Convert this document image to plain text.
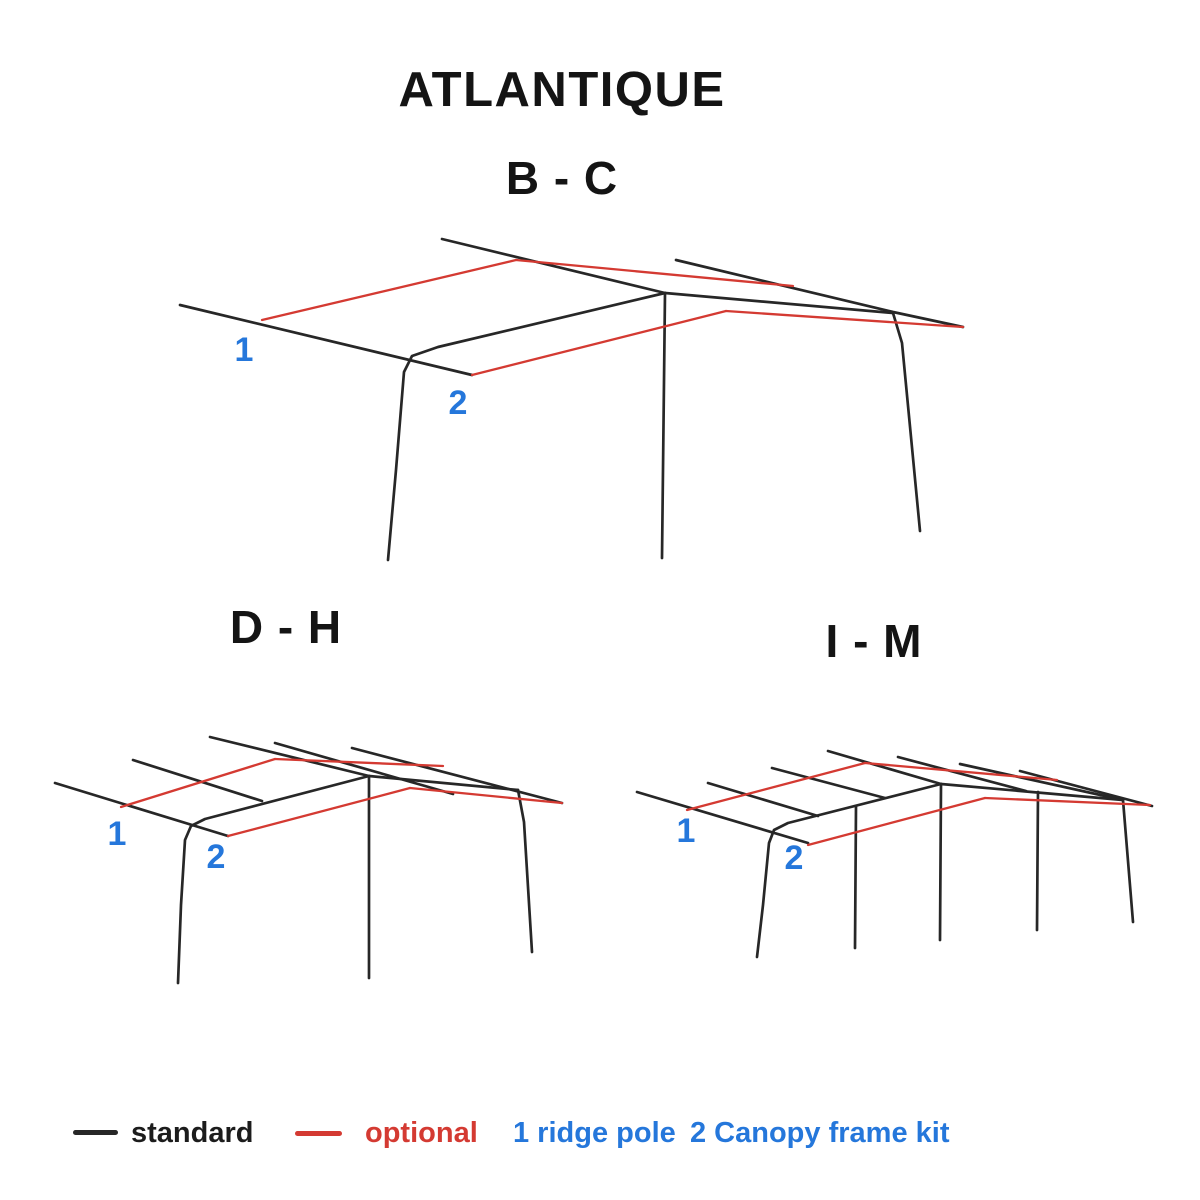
ATLANTIQUE
B - C
D - H	I - M
1
2
1
2
1
2
standard	optional 1 ridge pole 2 Canopy frame kit
